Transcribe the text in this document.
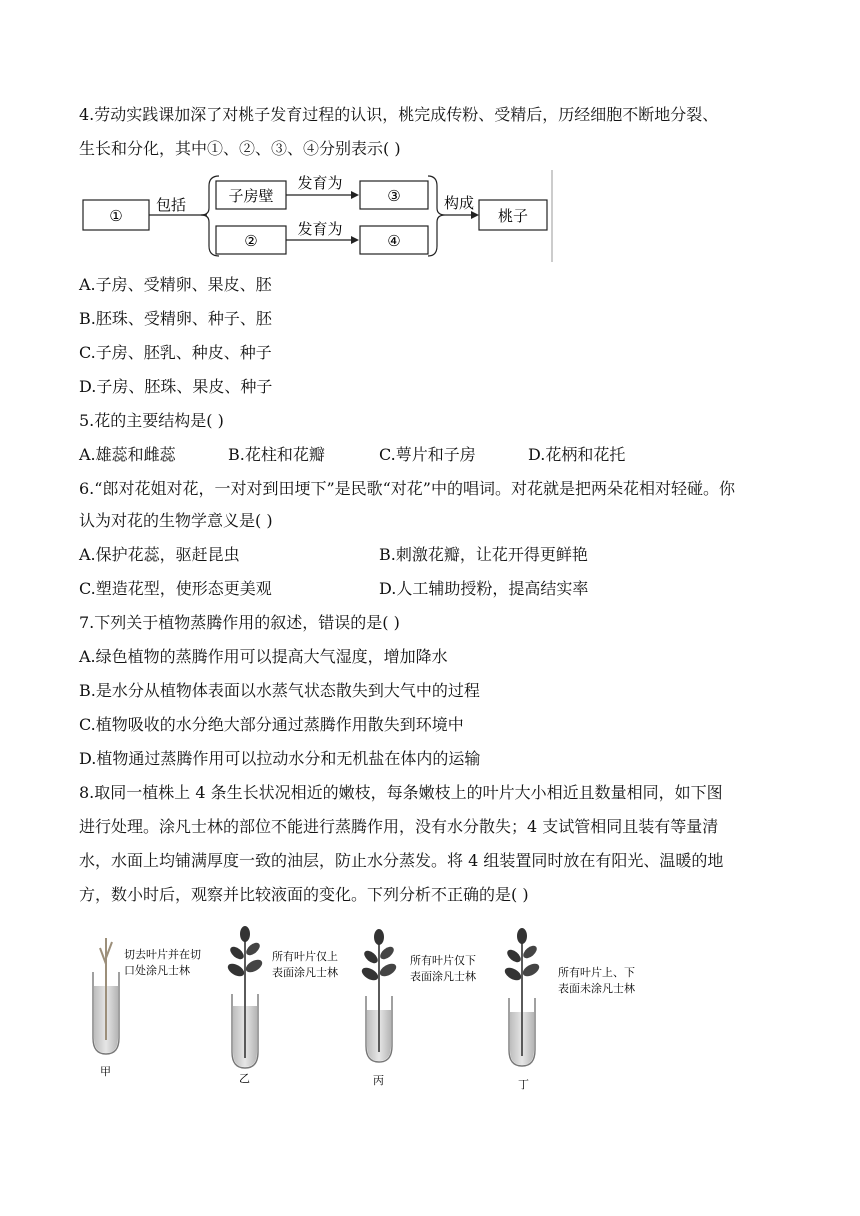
4.劳动实践课加深了对桃子发育过程的认识，桃完成传粉、受精后，历经细胞不断地分裂、
生长和分化，其中①、②、③、④分别表示( )
①
包括	子房壁
发育为
③
②
发育为
④
构成
桃子
A.子房、受精卵、果皮、胚
B.胚珠、受精卵、种子、胚
C.子房、胚乳、种皮、种子
D.子房、胚珠、果皮、种子
5.花的主要结构是( )
A.雄蕊和雌蕊	B.花柱和花瓣	C.萼片和子房	D.花柄和花托
6.“郎对花姐对花，一对对到田埂下”是民歌“对花”中的唱词。对花就是把两朵花相对轻碰。你
认为对花的生物学意义是( )
A.保护花蕊，驱赶昆虫	B.刺激花瓣，让花开得更鲜艳
C.塑造花型，使形态更美观	D.人工辅助授粉，提高结实率
7.下列关于植物蒸腾作用的叙述，错误的是( )
A.绿色植物的蒸腾作用可以提高大气湿度，增加降水
B.是水分从植物体表面以水蒸气状态散失到大气中的过程
C.植物吸收的水分绝大部分通过蒸腾作用散失到环境中
D.植物通过蒸腾作用可以拉动水分和无机盐在体内的运输
8.取同一植株上 4 条生长状况相近的嫩枝，每条嫩枝上的叶片大小相近且数量相同，如下图
进行处理。涂凡士林的部位不能进行蒸腾作用，没有水分散失；4 支试管相同且装有等量清
水，水面上均铺满厚度一致的油层，防止水分蒸发。将 4 组装置同时放在有阳光、温暖的地
方，数小时后，观察并比较液面的变化。下列分析不正确的是( )
切去叶片并在切
口处涂凡士林
甲
所有叶片仅上
表面涂凡士林
乙
所有叶片仅下
表面涂凡士林
丙
所有叶片上、下
表面未涂凡士林
丁
